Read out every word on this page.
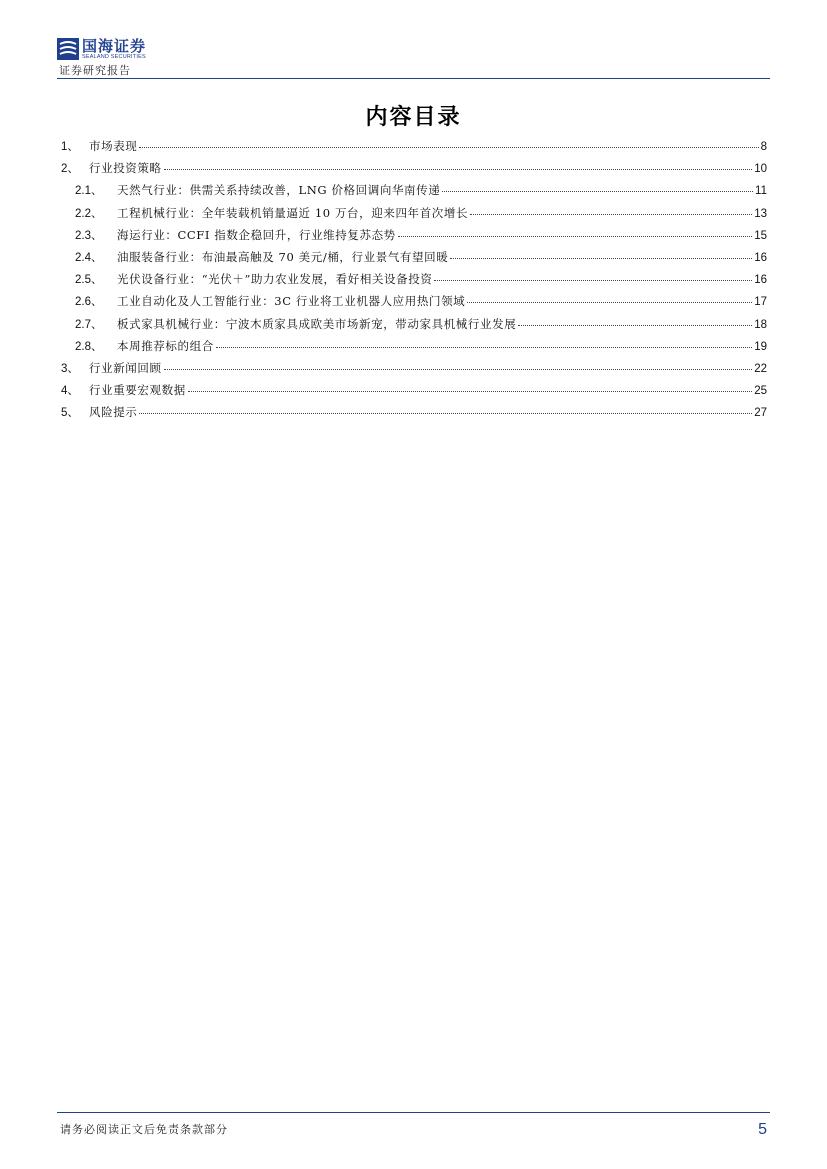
国海证券
SEALAND SECURITIES
证券研究报告
内容目录
1、 市场表现	8
2、 行业投资策略	10
2.1、	天然气行业：供需关系持续改善，LNG 价格回调向华南传递	11
2.2、	工程机械行业：全年装载机销量逼近 10 万台，迎来四年首次增长	13
2.3、	海运行业：CCFI 指数企稳回升，行业维持复苏态势	15
2.4、	油服装备行业：布油最高触及 70 美元/桶，行业景气有望回暖	16
2.5、	光伏设备行业：“光伏＋”助力农业发展，看好相关设备投资	16
2.6、	工业自动化及人工智能行业：3C 行业将工业机器人应用热门领域	17
2.7、	板式家具机械行业：宁波木质家具成欧美市场新宠，带动家具机械行业发展	18
2.8、	本周推荐标的组合	19
3、 行业新闻回顾	22
4、 行业重要宏观数据	25
5、 风险提示	27
请务必阅读正文后免责条款部分	5
